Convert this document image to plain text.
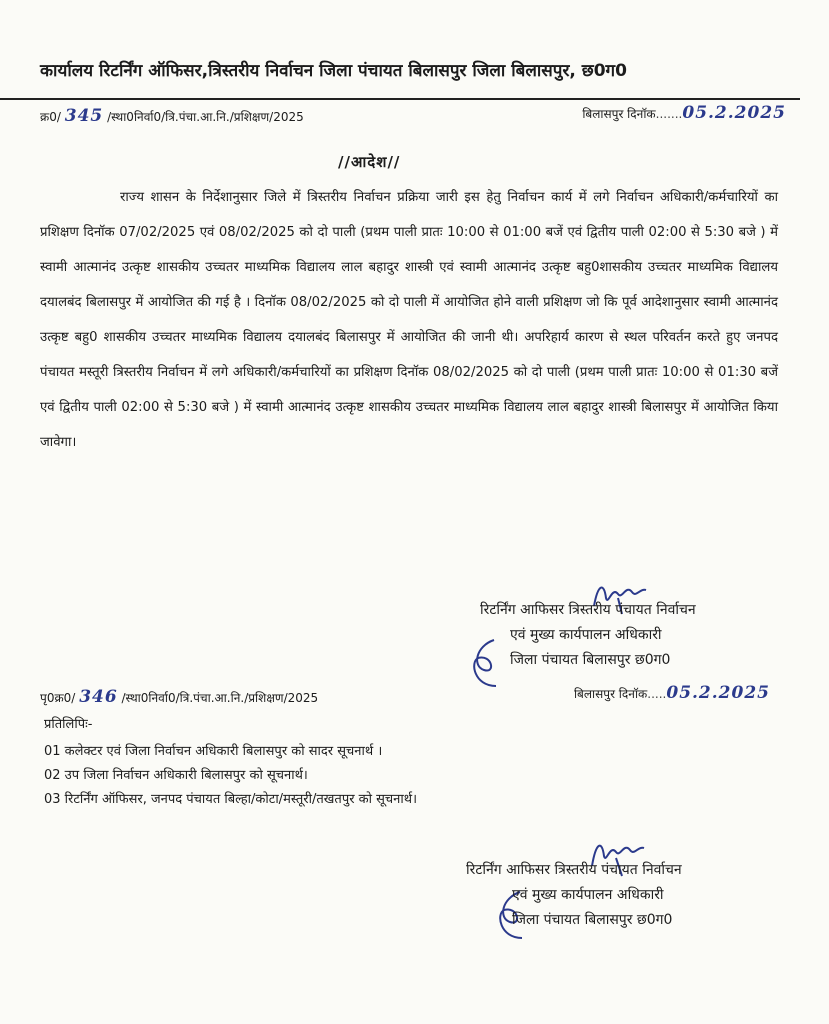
कार्यालय रिटर्निंग ऑफिसर,त्रिस्तरीय निर्वाचन जिला पंचायत बिलासपुर जिला बिलासपुर, छ0ग0
क्र0/ 345 /स्था0निर्वा0/त्रि.पंचा.आ.नि./प्रशिक्षण/2025	बिलासपुर दिनॉक.......05.2.2025
//आदेश//
राज्य शासन के निर्देशानुसार जिले में त्रिस्तरीय निर्वाचन प्रक्रिया जारी इस हेतु निर्वाचन कार्य में लगे निर्वाचन अधिकारी/कर्मचारियों का प्रशिक्षण दिनॉक 07/02/2025 एवं 08/02/2025 को दो पाली (प्रथम पाली प्रातः 10:00 से 01:00 बजें एवं द्वितीय पाली 02:00 से 5:30 बजे ) में स्वामी आत्मानंद उत्कृष्ट शासकीय उच्चतर माध्यमिक विद्यालय लाल बहादुर शास्त्री एवं स्वामी आत्मानंद उत्कृष्ट बहु0शासकीय उच्चतर माध्यमिक विद्यालय दयालबंद बिलासपुर में आयोजित की गई है । दिनॉक 08/02/2025 को दो पाली में आयोजित होने वाली प्रशिक्षण जो कि पूर्व आदेशानुसार स्वामी आत्मानंद उत्कृष्ट बहु0 शासकीय उच्चतर माध्यमिक विद्यालय दयालबंद बिलासपुर में आयोजित की जानी थी। अपरिहार्य कारण से स्थल परिवर्तन करते हुए जनपद पंचायत मस्तूरी त्रिस्तरीय निर्वाचन में लगे अधिकारी/कर्मचारियों का प्रशिक्षण दिनॉक 08/02/2025 को दो पाली (प्रथम पाली प्रातः 10:00 से 01:30 बजें एवं द्वितीय पाली 02:00 से 5:30 बजे ) में स्वामी आत्मानंद उत्कृष्ट शासकीय उच्चतर माध्यमिक विद्यालय लाल बहादुर शास्त्री बिलासपुर में आयोजित किया जावेगा।
रिटर्निंग आफिसर त्रिस्तरीय पंचायत निर्वाचन
एवं मुख्य कार्यपालन अधिकारी
जिला पंचायत बिलासपुर छ0ग0
पृ0क्र0/ 346 /स्था0निर्वा0/त्रि.पंचा.आ.नि./प्रशिक्षण/2025	बिलासपुर दिनॉक.....05.2.2025
प्रतिलिपिः-
01 कलेक्टर एवं जिला निर्वाचन अधिकारी बिलासपुर को सादर सूचनार्थ ।
02 उप जिला निर्वाचन अधिकारी बिलासपुर को सूचनार्थ।
03 रिटर्निंग ऑफिसर, जनपद पंचायत बिल्हा/कोटा/मस्तूरी/तखतपुर को सूचनार्थ।
रिटर्निंग आफिसर त्रिस्तरीय पंचायत निर्वाचन
एवं मुख्य कार्यपालन अधिकारी
जिला पंचायत बिलासपुर छ0ग0
